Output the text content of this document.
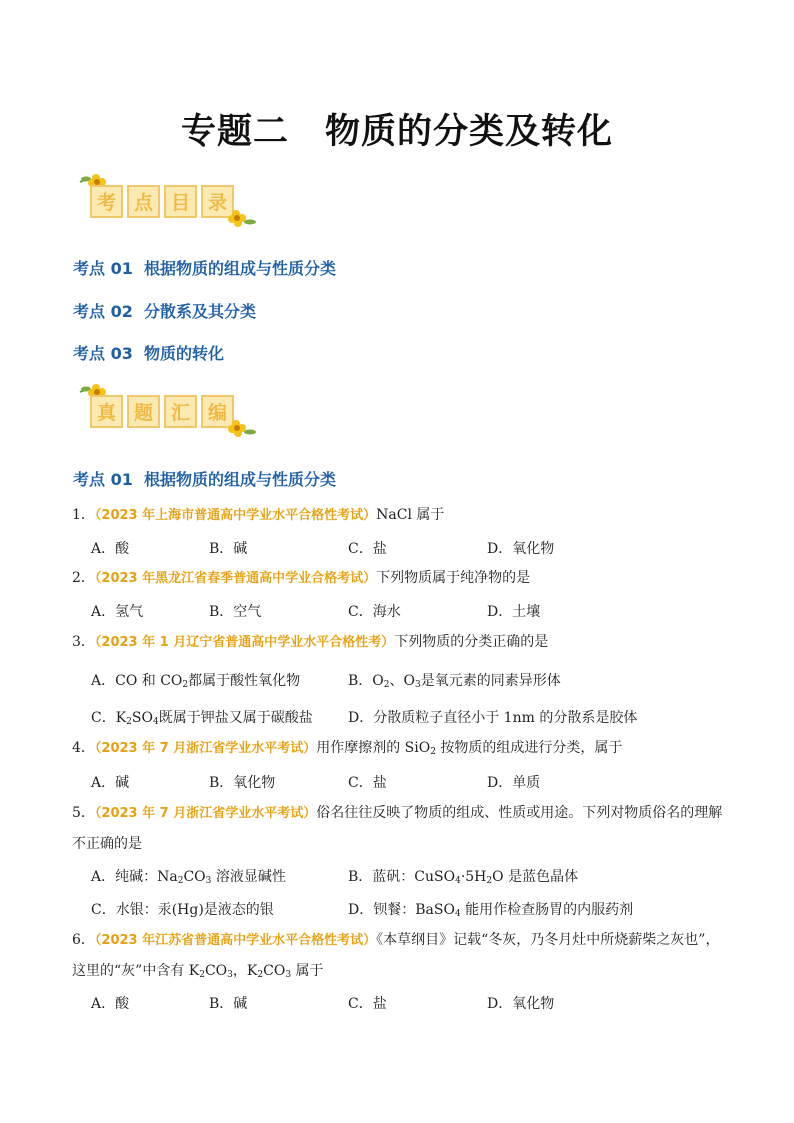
专题二　物质的分类及转化
考 点 目 录
考点 01  根据物质的组成与性质分类
考点 02  分散系及其分类
考点 03  物质的转化
真 题 汇 编
考点 01  根据物质的组成与性质分类
1．（2023 年上海市普通高中学业水平合格性考试）NaCl 属于
A．酸	B．碱	C．盐	D．氧化物
2．（2023 年黑龙江省春季普通高中学业合格考试）下列物质属于纯净物的是
A．氢气	B．空气	C．海水	D．土壤
3．（2023 年 1 月辽宁省普通高中学业水平合格性考）下列物质的分类正确的是
A．CO 和 $CO_2$都属于酸性氧化物	B．$O_2$、$O_3$是氧元素的同素异形体
C．$K_2SO_4$既属于钾盐又属于碳酸盐	D．分散质粒子直径小于 1nm 的分散系是胶体
4．（2023 年 7 月浙江省学业水平考试）用作摩擦剂的 SiO$_2$ 按物质的组成进行分类，属于
A．碱	B．氧化物	C．盐	D．单质
5．（2023 年 7 月浙江省学业水平考试）俗名往往反映了物质的组成、性质或用途。下列对物质俗名的理解
不正确的是
A．纯碱：$Na_2CO_3$ 溶液显碱性	B．蓝矾：$CuSO_4\cdot 5H_2O$ 是蓝色晶体
C．水银：汞(Hg)是液态的银	D．钡餐：BaSO$_4$ 能用作检查肠胃的内服药剂
6．（2023 年江苏省普通高中学业水平合格性考试）《本草纲目》记载“冬灰，乃冬月灶中所烧薪柴之灰也”，
这里的“灰”中含有 $K_2CO_3$，$K_2CO_3$ 属于
A．酸	B．碱	C．盐	D．氧化物
